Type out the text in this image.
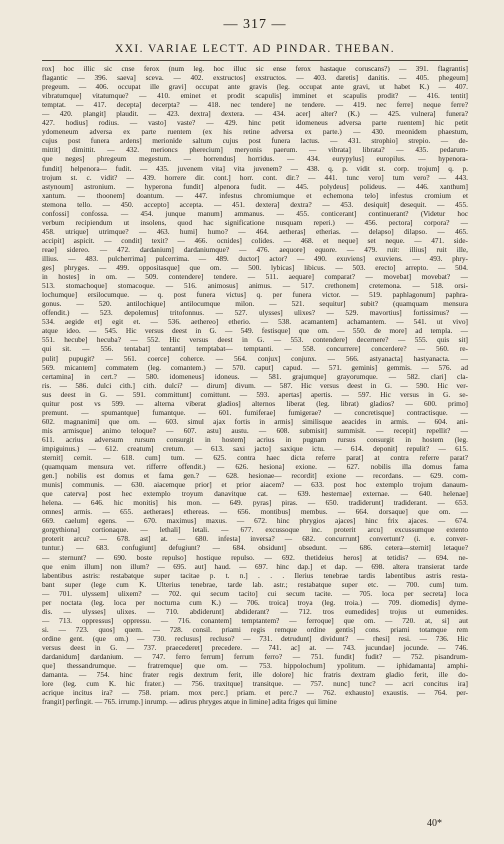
— 317 —
XXI. VARIAE LECTT. AD PINDAR. THEBAN.
rox] hoc illic sic cnse ferox (num leg. hoc illuc sic ense ferox hastaque coruscans?) — 391. flagrantis]
flagantic — 396. saeva] sceva. — 402. exstructos] exstructos. — 403. daretis] danitis. — 405. phegeum]
pregeum. — 406. occupat ille gravi] occupat ante gravis (leg. occupat ante gravi, ut habet K.) — 407.
vibratumque] vitatumque? — 410. eminet et prodit scapulis] imminet et scapulis prodit? — 416. tentit]
temptat. — 417. decepta] decerpta? — 418. nec tendere] ne tendere. — 419. nec ferre] neque ferre?
— 420. plangit] plaudit. — 423. dextra] dextera. — 434. acer] alter? (K.) — 425. vulnera] funera?
427. hodius] rodius. — vasto] vaste? — 429. hinc petit idomeneus adversa parte ruentem] hic petit
ydomeneum adversa ex parte ruentem (ex his retine adversa ex parte.) — 430. meonidem phaestum,
cujus post funera ardens] merionide saltum cujus post funera lactus. — 431. strophio] strepio. — de-
mittit] dimittit. — 432. merioncs pherecium] meryonis paerum. — vibrata] librata? — 435. pedarum-
que neges] phregeum megestum. — horrendus] horridus. — 434. eurypylus] europilus. — hypenora-
fundit] helpenora— fudit. — 435. juvenem vita] vita juvenem? — 438. q. p. vidit st. corp. trojum] q. p.
trojum st. c. vidit? — 439. horrere dir. cont.] horr. cont. dir.? — 441. tunc vero] tum vero? — 443.
astynoum] astronium. — hyperona fundit] alpenora fudit. — 445. polydeus] polideus. — 446. xanthum]
xantum. — thoonem] doantum. — 447. infestus chromiumque et echemona telo] infestus cromium et
stemona tello. — 450. accepto] accepta. — 451. dextera] dextra? — 453. desiquit] desequit. — 455.
confossi] confossa. — 454. junque manum] ammanus. — 455. conticerant] continuerant? (Videtur hoc
verbum recipiendum ut insolens, quod hac significatione nusquam reperi.) — 456. pectora] corpora? —
458. utrique] utrimque? — 463. humi] humo? — 464. aetheras] etherias. — delapso] dilapso. — 465.
accipit] aspicit. — condit] texit? — 466. ocnides] colides. — 468. et neque] set neque. — 471. side-
reae] sidereo. — 472. dardanium] dardaniumque? — 476. aequore] equore. — 479. ruit: illius] ruit ille,
illius. — 483. pulcherrima] pulcerrima. — 489. ductor] actor? — 490. exuviens] exuviens. — 493. phry-
ges] phryges. — 499. oppositasque] que om. — 500. lybicas] libicus. — 503. erecto] arrepto. — 504.
in hostes] in om. — 509. contendere] tendere. — 511. aequare] comparat? — movebat] movebat? —
513. stomachoque] stomacoque. — 516. animosus] animus. — 517. crethonem] cretemona. — 518. orsi-
lochumque] ersilocumque. — q. post funera victus] q. per funera victor. — 519. paphlagonum] paphra-
gonus. — 520. antilochique] antilocumque milon. — 521. sequitur] subit? (quamquam mensura
offendit.) — 523. depolemus] tritofonnus. — 527. ulysses] ulixes? — 529. mavortius] fortissimus? —
534. aegide et] egit et. — 536. aethereo] etherio. — 538. acamantem] achamantem. — 541. ut vivo]
atque ideo. — 545. Hic versus deest in G. — 549. festisque] que om. — 550. de more] ad templa. —
551. hecube] hecuba? — 552. Hic versus deest in G. — 553. contendere] decernere? — 555. quis sit]
qui sit. — 556. tentabat] tentanti] temptabat— temptanti. — 558. concurrere] concerdere? — 560. re-
pulit] pupugit? — 561. coerce] coherce. — 564. conjux] conjunx. — 566. astyanacta] hastyanacta. —
569. micantem] commatem (leg. comantem.) — 570. caput] capud. — 571. geminis] gemmis. — 576. ad
certamina] in cert.? — 580. idomeneus] idoneus. — 581. grajumque] grayorumque. — 582. clari] cla-
ris. — 586. dulci cith.] cith. dulci? — dirum] divum. — 587. Hic versus deest in G. — 590. Hic ver-
sus deest in G. — 591. committunt] comittunt. — 593. apertas] apertis. — 597. Hic versus in G. se-
quitur post vs 599. — alterna viberat gladios] alternos liberat (leg. librat) gladios? — 600. primo]
premunt. — spumantque] fumantque. — 601. fumiferae] fumigerae? — concretisque] contractisque. —
602. magnanimi] que om. — 603. simul ajax fortis in armis] similisque aeacides in armis. — 604. ani-
mis armisque] animo teloque? — 607. astu] austu. — 608. submisit] summisit. — recepit] repellit? —
611. acrius adversum rursum consurgit in hostem] acrius in pugnam rursus consurgit in hostem (leg.
impiguinus.) — 612. creatum] cretum. — 613. saxi jacto] saxique ictu. — 614. deponit] repulit? — 615.
sternit] cernit. — 618. cum] tum. — 625. contra haec dicta referre parat] at contra referre parat?
(quamquam mensura vet. rifferre offendit.) — 626. hesiona] exione. — 627. nobilis illa domus fama
gen.] nobilis est domus et fama gen.? — 628. hesionae— recordit] exione — recordans. — 629. com-
munis] communis. — 630. aiacemque prior] et prior aiacem? — 633. post hoc extemplo trojum danaum-
que caterva] post hec extemplo troyum danavitque cat. — 639. hesternae] externae. — 640. helenae]
helena. — 646. hic monitis] his mon. — 649. pyras] piras. — 650. tradiderunt] tradiderant. — 653.
omnes] armis. — 655. aetheraes] ethereas. — 656. montibus] membus. — 664. dorsaque] que om. —
669. caelum] egens. — 670. maximus] maxus. — 672. hinc phrygios ajaces] hinc frix ajaces. — 674.
gorgythiona] cortionaque. — lethali] letali. — 677. excussoque inc. proterit arcu] excussumque extento
proterit arcu? — 678. ast] at. — 680. infesta] inversa? — 682. concurrunt] convertunt? (i. e. conver-
tuntur.) — 683. confugiunt] defugiunt? — 684. obsidunt] obsedunt. — 686. cetera—sternit] letaque?
— sternunt? — 690. boste repulso] hostique repulso. — 692. thetideius heros] at tetidis? — 694. ne-
que enim illum] non illum? — 695. aut] haud. — 697. hinc dap.] et dap. — 698. altera transierat tarde
labentibus astris: restabatque super tacitae p. t. n.] . . . Ilerius tenebrae tardis labentibus astris resta-
bant super (lege cum K. Ulterius tenebrae, tarde lab. astr.; restabatque super etc. — 700. cum] tum.
— 701. ulyssem] ulixem? — 702. qui secum tacito] cui secum tacite. — 705. loca per secreta] loca
per noctata (leg. loca per nocturna cum K.) — 706. troica] troya (leg. troia.) — 709. diomedis] dyme-
dis. — ulysses] ulixes. — 710. abdiderunt] abdiderant? — 712. tros eumedides] trojus ut eumenides.
— 713. oppressus] oppressu. — 716. conantem] temptantem? — ferroque] que om. — 720. at, si] aut
si. — 723. quos] quem. — 728. consil. priami regis remque ordine gentis] cons. priami totamque rem
ordine gent. (que om.) — 730. reclusus] recluso? — 731. detrudunt] dividunt? — rhesi] resi. — 736. Hic
versus deest in G. — 737. praecederet] precedere. — 741. ac] at. — 743. jucundae] jocunde. — 746.
dardanidum] dardanium. — 747. ferro ferrum] ferrum ferro? — 751. fundit] fudit? — 752. pisandrum-
que] thessandrumque. — fratremque] que om. — 753. hippolochum] ypolitum. — iphidamanta] amphi-
damanta. — 754. hinc frater regis dextrum ferit, ille dolore] hic fratris dextram gladio ferit, ille do-
lore (leg. cum K. hic frater.) — 756. traxitque] transitque. — 757. nunc] tunc? — acri concitus ira]
acrique incitus ira? — 758. priam. mox perc.] priam. et perc.? — 762. exhausto] exaustis. — 764. per-
frangit] perfingit. — 765. irrump.] inrump. — adirus phryges atque in limine] adita friges qui limine
40*
